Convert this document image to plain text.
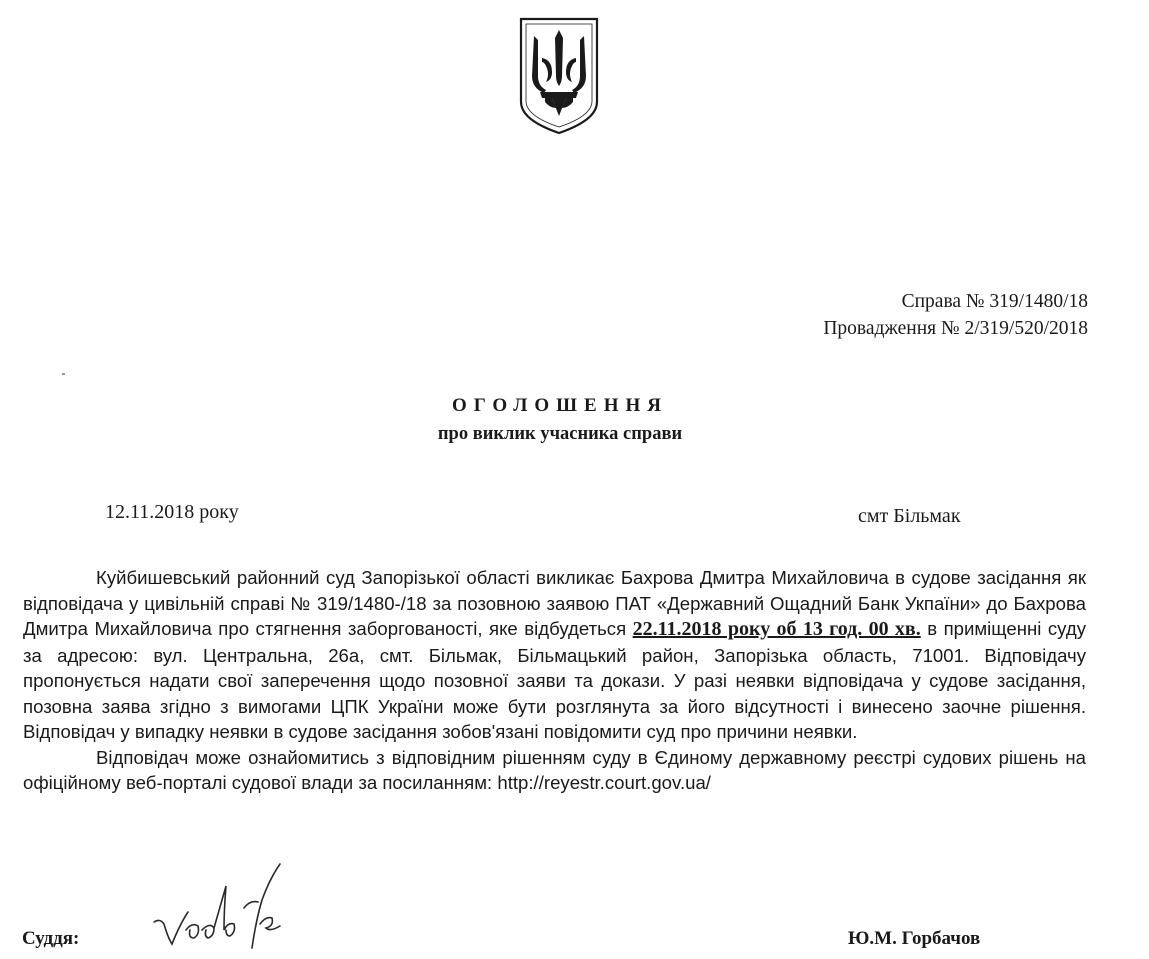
Справа № 319/1480/18
Провадження № 2/319/520/2018
ОГОЛОШЕННЯ
про виклик учасника справи
12.11.2018 року	смт Більмак

Куйбишевський районний суд Запорізької області викликає Бахрова Дмитра Михайловича в судове засідання як відповідача у цивільній справі № 319/1480-/18 за позовною заявою ПАТ «Державний Ощадний Банк Укпаїни» до Бахрова Дмитра Михайловича про стягнення заборгованості, яке відбудеться 22.11.2018 року об 13 год. 00 хв. в приміщенні суду за адресою: вул. Центральна, 26а, смт. Більмак, Більмацький район, Запорізька область, 71001. Відповідачу пропонується надати свої заперечення щодо позовної заяви та докази. У разі неявки відповідача у судове засідання, позовна заява згідно з вимогами ЦПК України може бути розглянута за його відсутності і винесено заочне рішення. Відповідач у випадку неявки в судове засідання зобов'язані повідомити суд про причини неявки.

Відповідач може ознайомитись з відповідним рішенням суду в Єдиному державному реєстрі судових рішень на офіційному веб-порталі судової влади за посиланням: http://reyestr.court.gov.ua/

Суддя:	Ю.М. Горбачов
